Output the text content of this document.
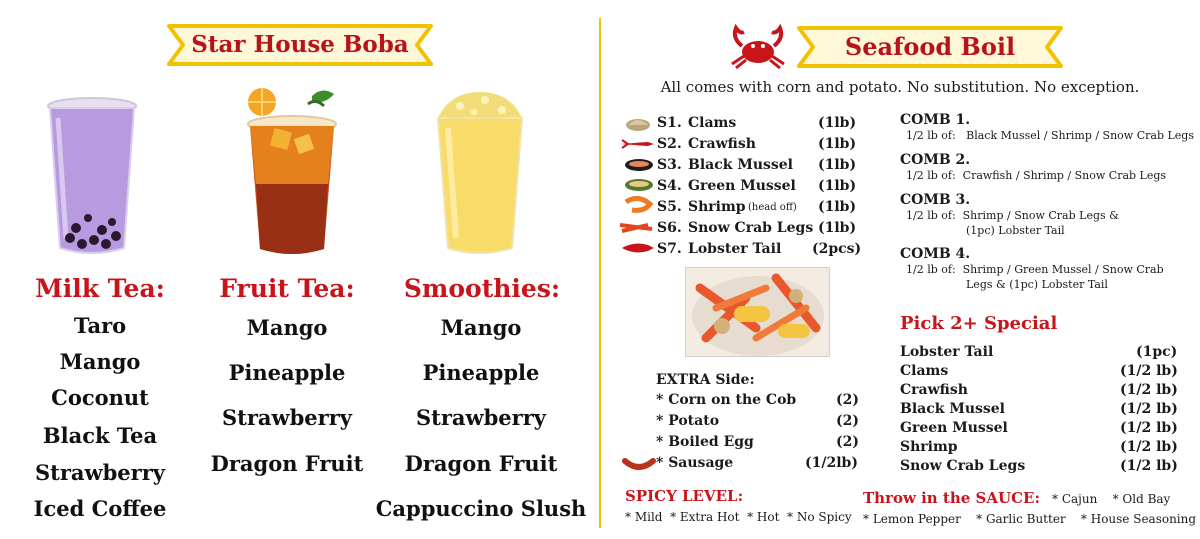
Star House Boba
Milk Tea:
Taro
Mango
Coconut
Black Tea
Strawberry
Iced Coffee
Fruit Tea:
Mango
Pineapple
Strawberry
Dragon Fruit
Smoothies:
Mango
Pineapple
Strawberry
Dragon Fruit
Cappuccino Slush
Seafood Boil
All comes with corn and potato. No substitution. No exception.
S1. Clams	(1lb)
S2. Crawfish	(1lb)
S3. Black Mussel (1lb)
S4. Green Mussel (1lb)
S5. Shrimp (head off) (1lb)
S6. Snow Crab Legs (1lb)
S7. Lobster Tail (2pcs)
EXTRA Side:
* Corn on the Cob	(2)
* Potato	(2)
* Boiled Egg	(2)
* Sausage	(1/2lb)
SPICY LEVEL:
* Mild  * Extra Hot  * Hot  * No Spicy
COMB 1.
1/2 lb of:   Black Mussel / Shrimp / Snow Crab Legs
COMB 2.
1/2 lb of:  Crawfish / Shrimp / Snow Crab Legs
COMB 3.
1/2 lb of:  Shrimp / Snow Crab Legs &
(1pc) Lobster Tail
COMB 4.
1/2 lb of:  Shrimp / Green Mussel / Snow Crab
Legs & (1pc) Lobster Tail
Pick 2+ Special
Lobster Tail	(1pc)
Clams	(1/2 lb)
Crawfish	(1/2 lb)
Black Mussel	(1/2 lb)
Green Mussel	(1/2 lb)
Shrimp	(1/2 lb)
Snow Crab Legs	(1/2 lb)
Throw in the SAUCE: * Cajun    * Old Bay
* Lemon Pepper    * Garlic Butter    * House Seasoning
